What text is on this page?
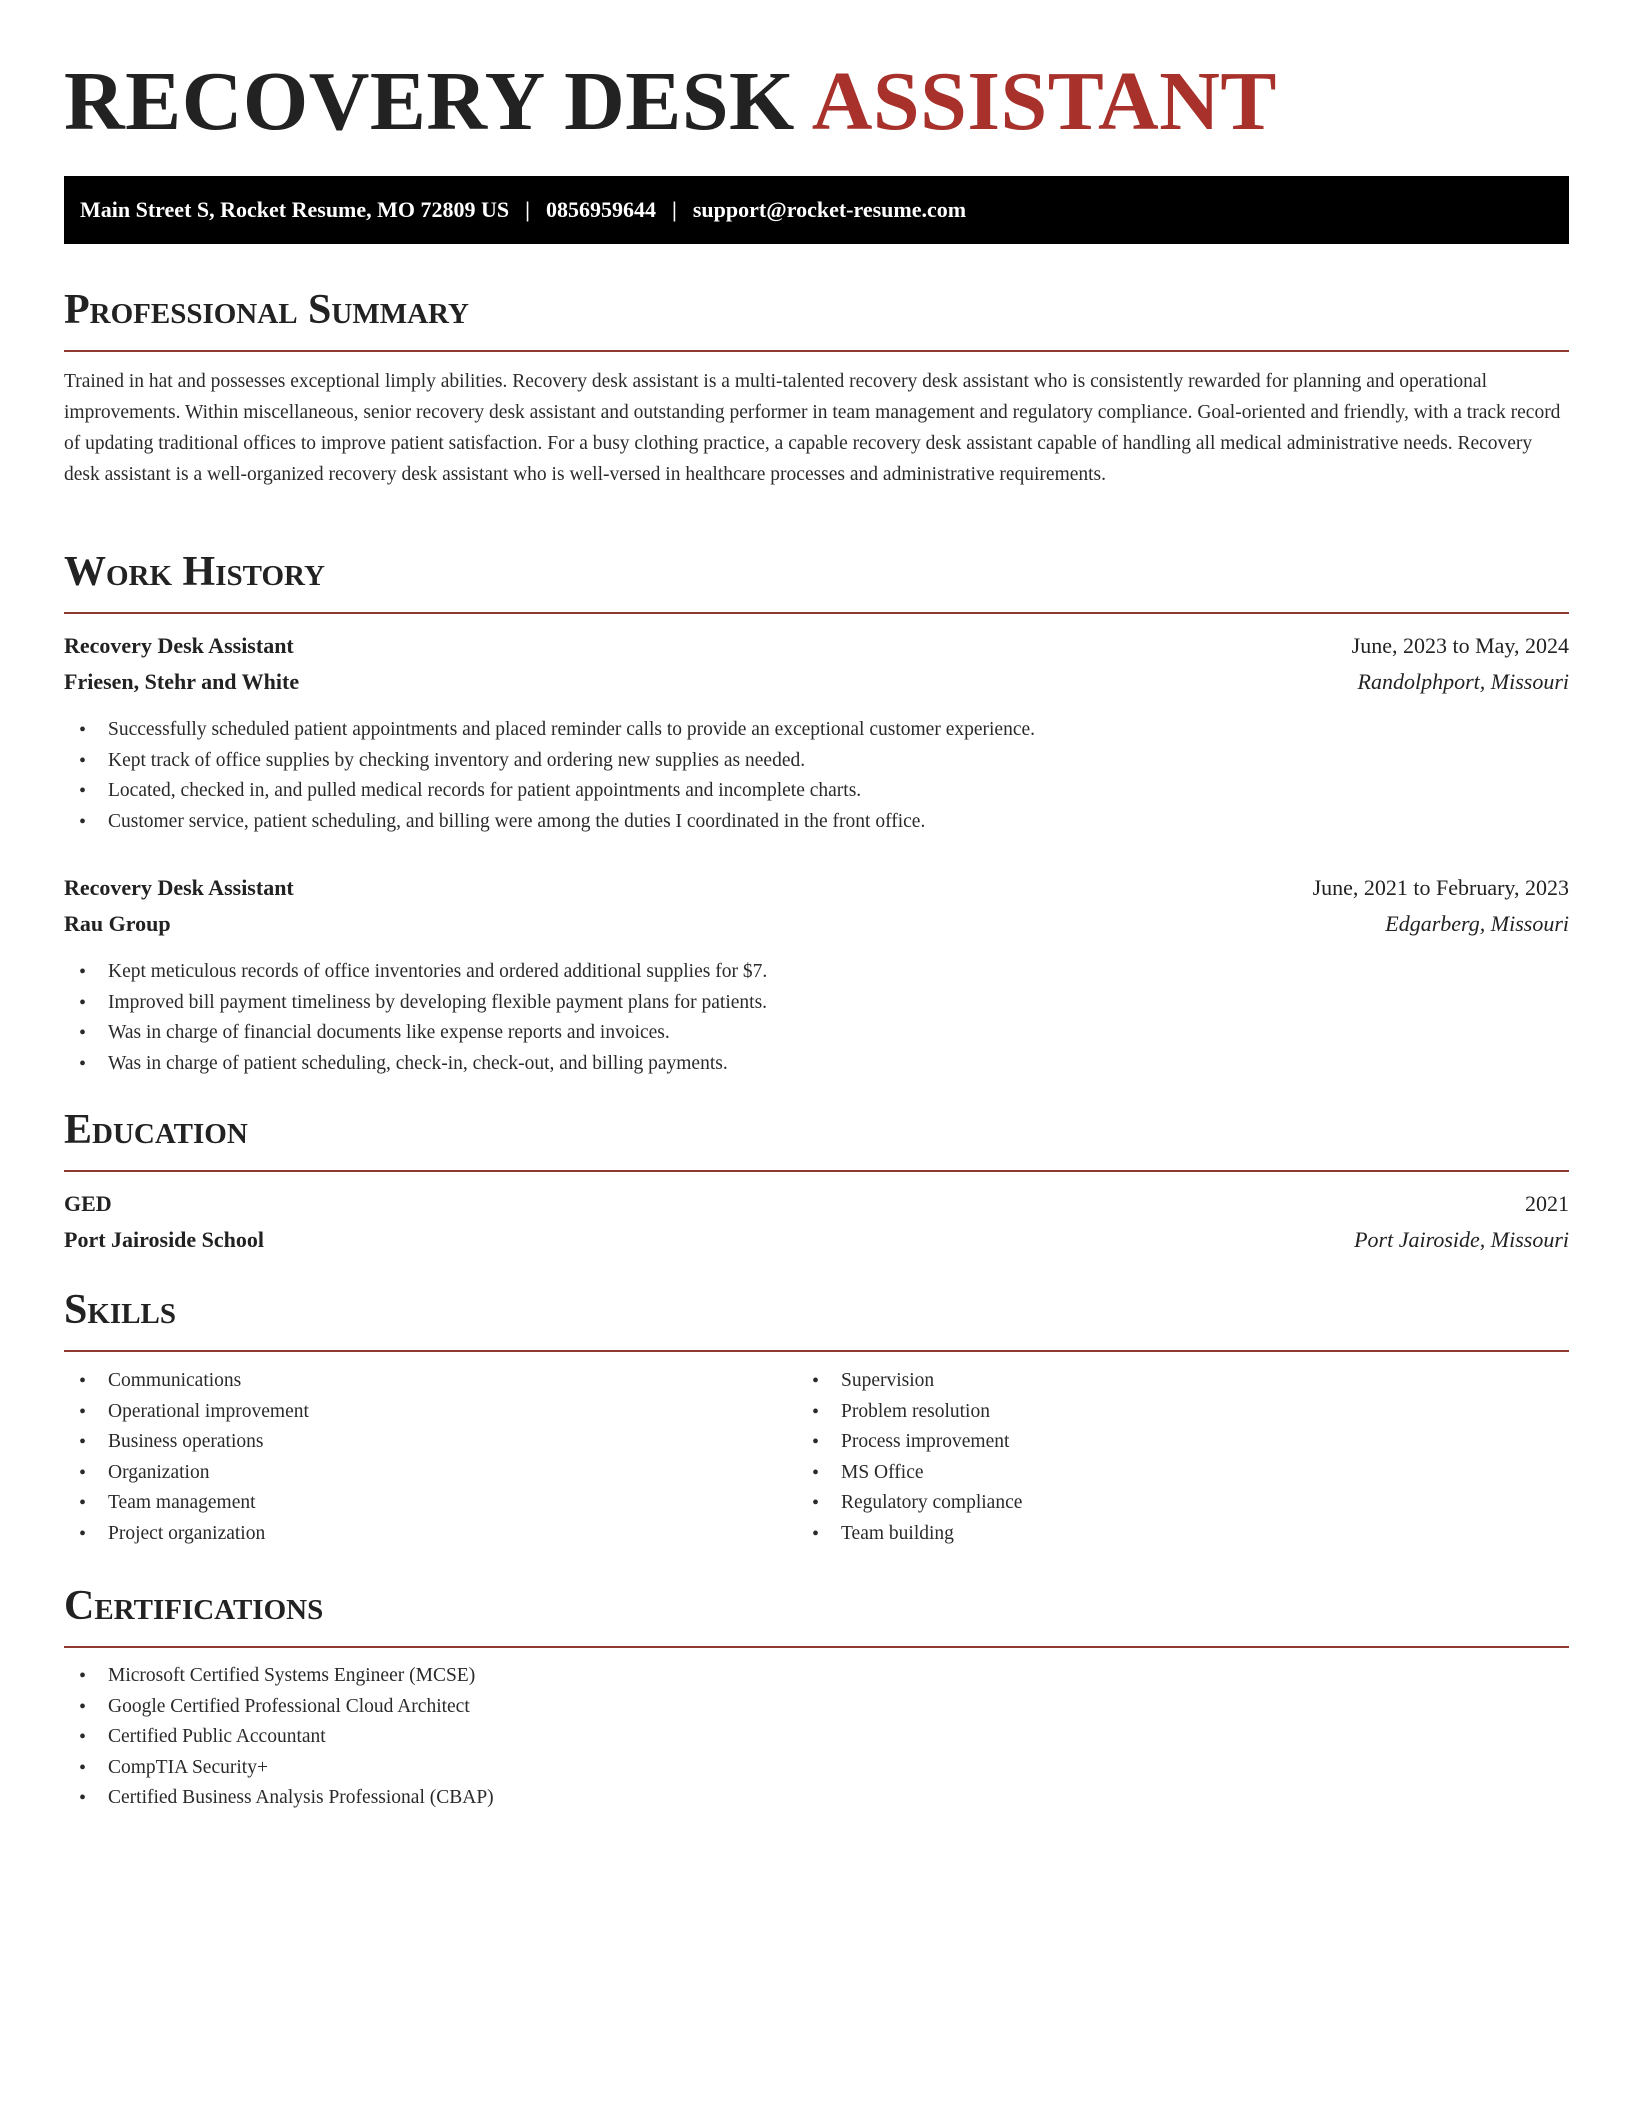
RECOVERY DESK ASSISTANT
Main Street S, Rocket Resume, MO 72809 US | 0856959644 | support@rocket-resume.com
Professional Summary
Trained in hat and possesses exceptional limply abilities. Recovery desk assistant is a multi-talented recovery desk assistant who is consistently rewarded for planning and operational improvements. Within miscellaneous, senior recovery desk assistant and outstanding performer in team management and regulatory compliance. Goal-oriented and friendly, with a track record of updating traditional offices to improve patient satisfaction. For a busy clothing practice, a capable recovery desk assistant capable of handling all medical administrative needs. Recovery desk assistant is a well-organized recovery desk assistant who is well-versed in healthcare processes and administrative requirements.
Work History
Recovery Desk Assistant	June, 2023 to May, 2024
Friesen, Stehr and White	Randolphport, Missouri
• Successfully scheduled patient appointments and placed reminder calls to provide an exceptional customer experience.
• Kept track of office supplies by checking inventory and ordering new supplies as needed.
• Located, checked in, and pulled medical records for patient appointments and incomplete charts.
• Customer service, patient scheduling, and billing were among the duties I coordinated in the front office.
Recovery Desk Assistant	June, 2021 to February, 2023
Rau Group	Edgarberg, Missouri
• Kept meticulous records of office inventories and ordered additional supplies for $7.
• Improved bill payment timeliness by developing flexible payment plans for patients.
• Was in charge of financial documents like expense reports and invoices.
• Was in charge of patient scheduling, check-in, check-out, and billing payments.
Education
GED	2021
Port Jairoside School	Port Jairoside, Missouri
Skills
• Communications
• Operational improvement
• Business operations
• Organization
• Team management
• Project organization
• Supervision
• Problem resolution
• Process improvement
• MS Office
• Regulatory compliance
• Team building
Certifications
• Microsoft Certified Systems Engineer (MCSE)
• Google Certified Professional Cloud Architect
• Certified Public Accountant
• CompTIA Security+
• Certified Business Analysis Professional (CBAP)
